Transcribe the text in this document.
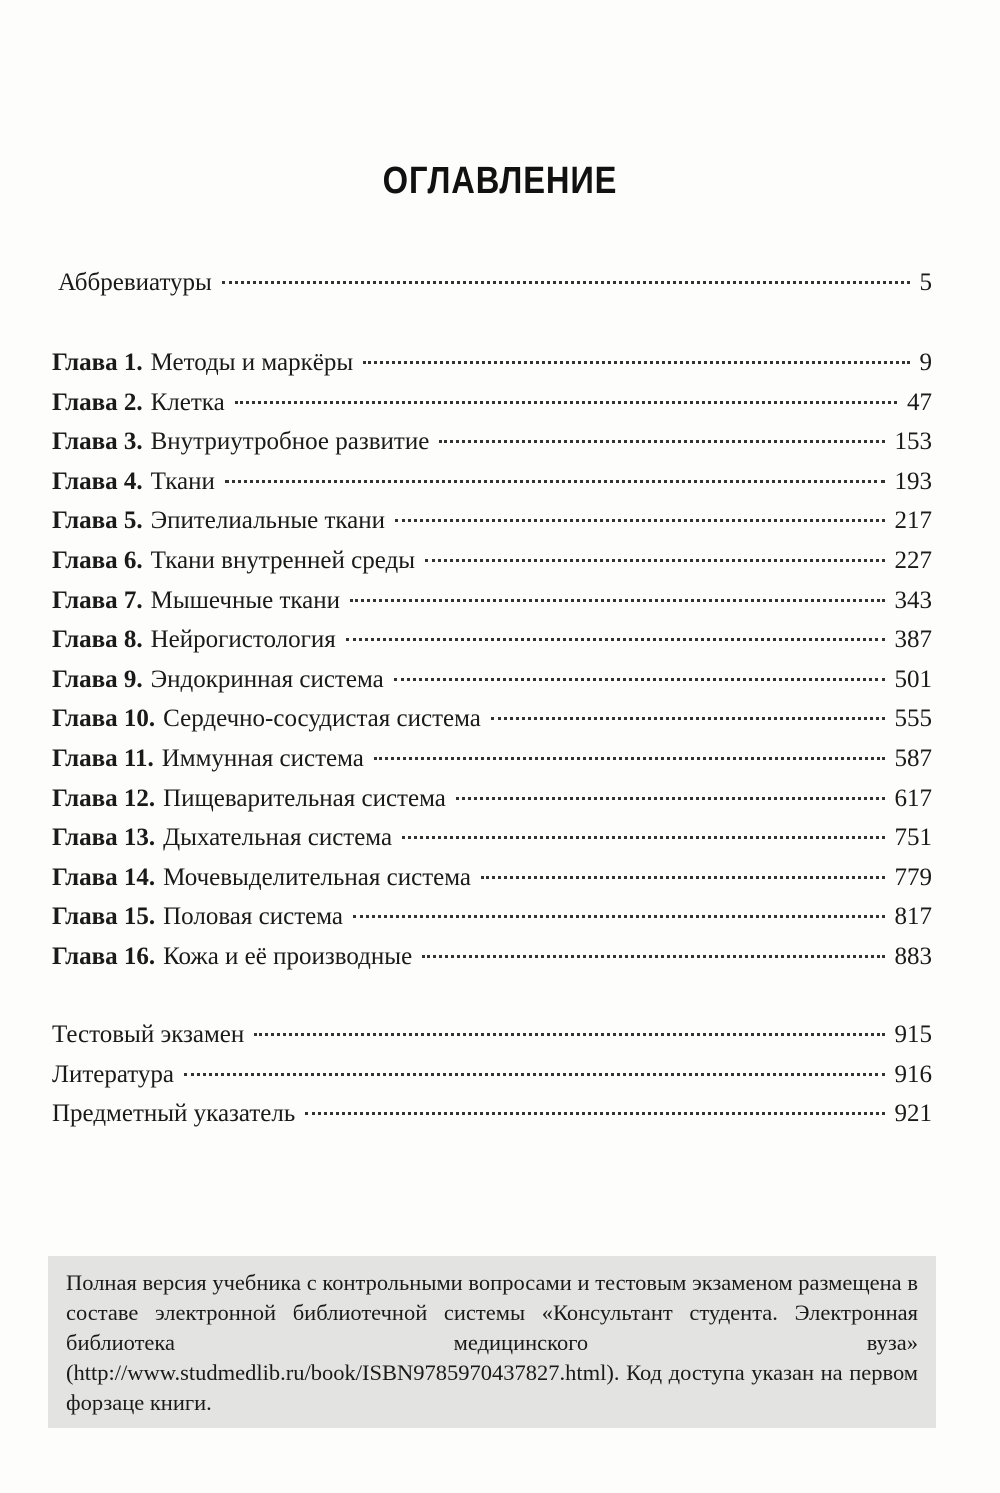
ОГЛАВЛЕНИЕ
Аббревиатуры	5
Глава 1. Методы и маркёры	9
Глава 2. Клетка	47
Глава 3. Внутриутробное развитие	153
Глава 4. Ткани	193
Глава 5. Эпителиальные ткани	217
Глава 6. Ткани внутренней среды	227
Глава 7. Мышечные ткани	343
Глава 8. Нейрогистология	387
Глава 9. Эндокринная система	501
Глава 10. Сердечно-сосудистая система	555
Глава 11. Иммунная система	587
Глава 12. Пищеварительная система	617
Глава 13. Дыхательная система	751
Глава 14. Мочевыделительная система	779
Глава 15. Половая система	817
Глава 16. Кожа и её производные	883
Тестовый экзамен	915
Литература	916
Предметный указатель	921
Полная версия учебника с контрольными вопросами и тестовым экзаменом размещена в составе электронной библиотечной системы «Консультант студента. Электронная библиотека медицинского вуза» (http://www.studmedlib.ru/book/ISBN9785970437827.html). Код доступа указан на первом форзаце книги.
